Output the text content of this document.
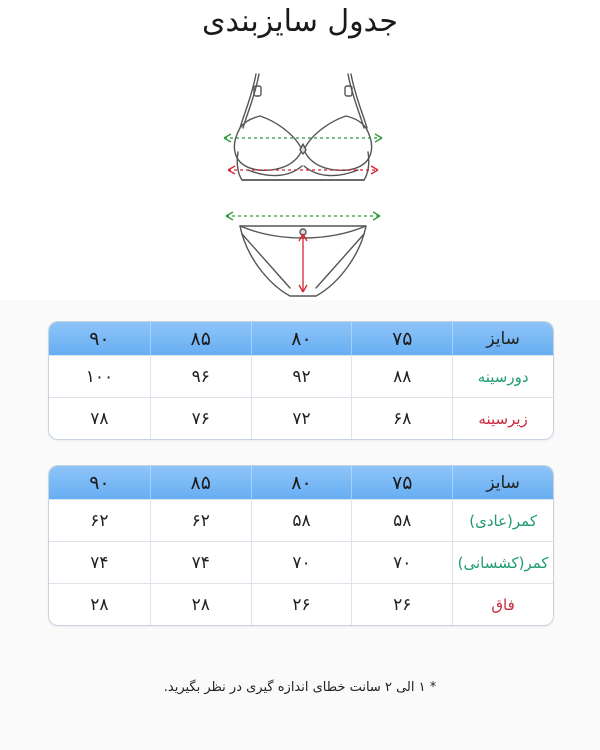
جدول سایزبندی
سایز
۷۵
۸۰
۸۵
۹۰
دورسینه
۸۸
۹۲
۹۶
۱۰۰
زیرسینه
۶۸
۷۲
۷۶
۷۸
سایز
۷۵
۸۰
۸۵
۹۰
کمر(عادی)
۵۸
۵۸
۶۲
۶۲
کمر(کشسانی)
۷۰
۷۰
۷۴
۷۴
فاق
۲۶
۲۶
۲۸
۲۸
* ۱ الی ۲ سانت خطای اندازه گیری در نظر بگیرید.
